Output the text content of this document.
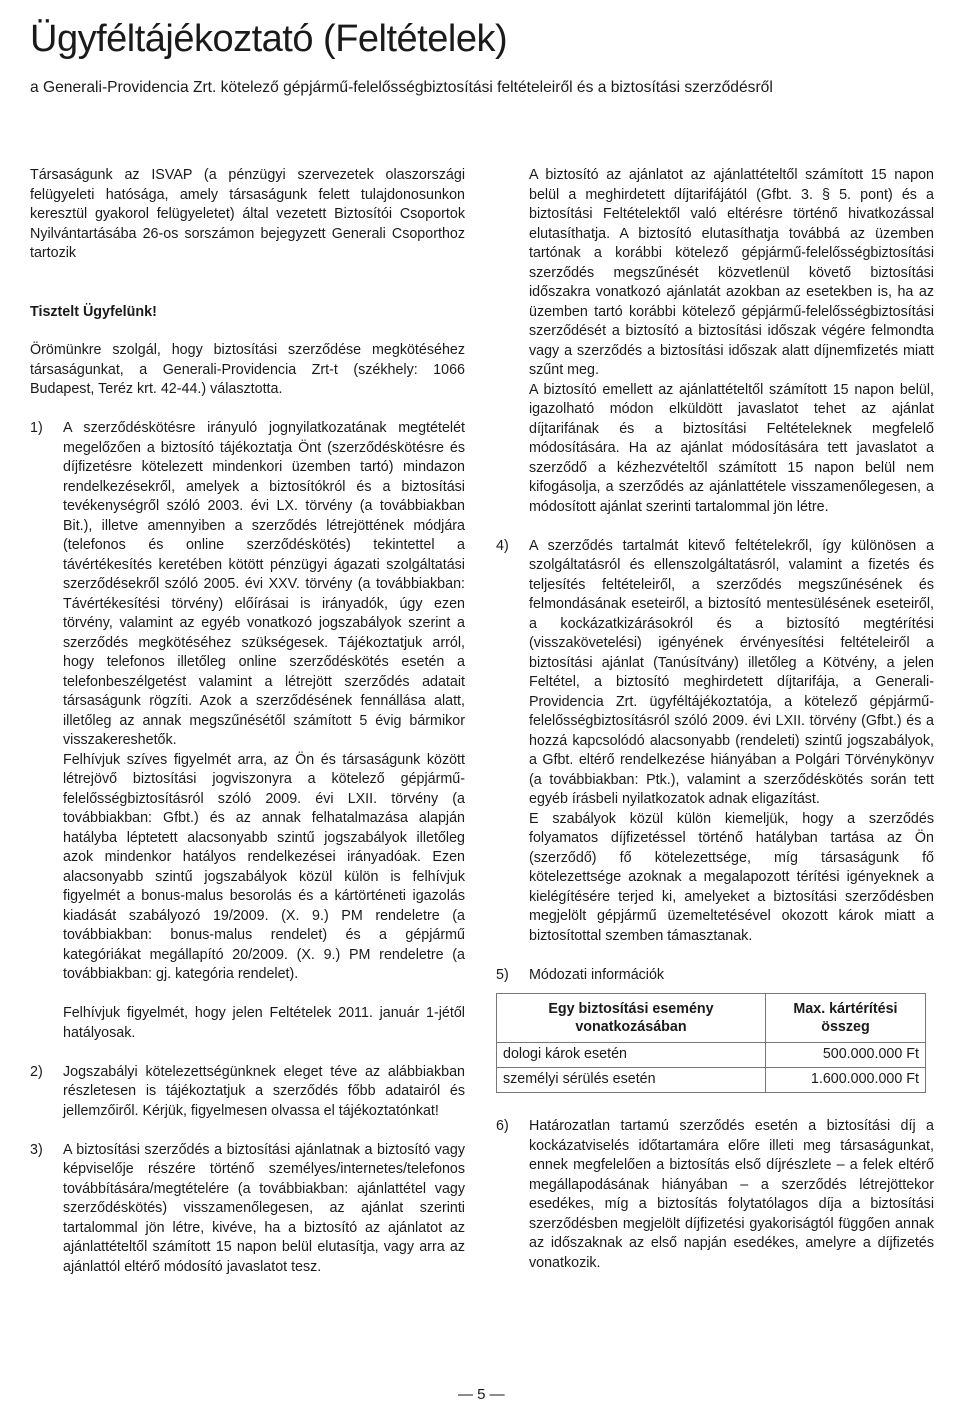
Ügyféltájékoztató (Feltételek)

a Generali-Providencia Zrt. kötelező gépjármű-felelősségbiztosítási feltételeiről és a biztosítási szerződésről

Társaságunk az ISVAP (a pénzügyi szervezetek olaszországi felügyeleti hatósága, amely társaságunk felett tulajdonosunkon keresztül gyakorol felügyeletet) által vezetett Biztosítói Csoportok Nyilvántartásába 26-os sorszámon bejegyzett Generali Csoporthoz tartozik

Tisztelt Ügyfelünk!

Örömünkre szolgál, hogy biztosítási szerződése megkötéséhez társaságunkat, a Generali-Providencia Zrt-t (székhely: 1066 Budapest, Teréz krt. 42-44.) választotta.

1)	A szerződéskötésre irányuló jognyilatkozatának megtételét megelőzően a biztosító tájékoztatja Önt (szerződéskötésre és díjfizetésre kötelezett mindenkori üzemben tartó) mindazon rendelkezésekről, amelyek a biztosítókról és a biztosítási tevékenységről szóló 2003. évi LX. törvény (a továbbiakban Bit.), illetve amennyiben a szerződés létrejöttének módjára (telefonos és online szerződéskötés) tekintettel a távértékesítés keretében kötött pénzügyi ágazati szolgáltatási szerződésekről szóló 2005. évi XXV. törvény (a továbbiakban: Távértékesítési törvény) előírásai is irányadók, úgy ezen törvény, valamint az egyéb vonatkozó jogszabályok szerint a szerződés megkötéséhez szükségesek. Tájékoztatjuk arról, hogy telefonos illetőleg online szerződéskötés esetén a telefonbeszélgetést valamint a létrejött szerződés adatait társaságunk rögzíti. Azok a szerződésének fennállása alatt, illetőleg az annak megszűnésétől számított 5 évig bármikor visszakereshetők.

Felhívjuk szíves figyelmét arra, az Ön és társaságunk között létrejövő biztosítási jogviszonyra a kötelező gépjármű-felelősségbiztosításról szóló 2009. évi LXII. törvény (a továbbiakban: Gfbt.) és az annak felhatalmazása alapján hatályba léptetett alacsonyabb szintű jogszabályok illetőleg azok mindenkor hatályos rendelkezései irányadóak. Ezen alacsonyabb szintű jogszabályok közül külön is felhívjuk figyelmét a bonus-malus besorolás és a kártörténeti igazolás kiadását szabályozó 19/2009. (X. 9.) PM rendeletre (a továbbiakban: bonus-malus rendelet) és a gépjármű kategóriákat megállapító 20/2009. (X. 9.) PM rendeletre (a továbbiakban: gj. kategória rendelet).

Felhívjuk figyelmét, hogy jelen Feltételek 2011. január 1-jétől hatályosak.

2)	Jogszabályi kötelezettségünknek eleget téve az alábbiakban részletesen is tájékoztatjuk a szerződés főbb adatairól és jellemzőiről. Kérjük, figyelmesen olvassa el tájékoztatónkat!

3)	A biztosítási szerződés a biztosítási ajánlatnak a biztosító vagy képviselője részére történő személyes/internetes/telefonos továbbítására/megtételére (a továbbiakban: ajánlattétel vagy szerződéskötés) visszamenőlegesen, az ajánlat szerinti tartalommal jön létre, kivéve, ha a biztosító az ajánlatot az ajánlattételtől számított 15 napon belül elutasítja, vagy arra az ajánlattól eltérő módosító javaslatot tesz.

A biztosító az ajánlatot az ajánlattételtől számított 15 napon belül a meghirdetett díjtarifájától (Gfbt. 3. § 5. pont) és a biztosítási Feltételektől való eltérésre történő hivatkozással elutasíthatja. A biztosító elutasíthatja továbbá az üzemben tartónak a korábbi kötelező gépjármű-felelősségbiztosítási szerződés megszűnését közvetlenül követő biztosítási időszakra vonatkozó ajánlatát azokban az esetekben is, ha az üzemben tartó korábbi kötelező gépjármű-felelősségbiztosítási szerződését a biztosító a biztosítási időszak végére felmondta vagy a szerződés a biztosítási időszak alatt díjnemfizetés miatt szűnt meg.

A biztosító emellett az ajánlattételtől számított 15 napon belül, igazolható módon elküldött javaslatot tehet az ajánlat díjtarifának és a biztosítási Feltételeknek megfelelő módosítására. Ha az ajánlat módosítására tett javaslatot a szerződő a kézhezvételtől számított 15 napon belül nem kifogásolja, a szerződés az ajánlattétele visszamenőlegesen, a módosított ajánlat szerinti tartalommal jön létre.

4)	A szerződés tartalmát kitevő feltételekről, így különösen a szolgáltatásról és ellenszolgáltatásról, valamint a fizetés és teljesítés feltételeiről, a szerződés megszűnésének és felmondásának eseteiről, a biztosító mentesülésének eseteiről, a kockázatkizárásokról és a biztosító megtérítési (visszakövetelési) igényének érvényesítési feltételeiről a biztosítási ajánlat (Tanúsítvány) illetőleg a Kötvény, a jelen Feltétel, a biztosító meghirdetett díjtarifája, a Generali-Providencia Zrt. ügyféltájékoztatója, a kötelező gépjármű-felelősségbiztosításról szóló 2009. évi LXII. törvény (Gfbt.) és a hozzá kapcsolódó alacsonyabb (rendeleti) szintű jogszabályok, a Gfbt. eltérő rendelkezése hiányában a Polgári Törvénykönyv (a továbbiakban: Ptk.), valamint a szerződéskötés során tett egyéb írásbeli nyilatkozatok adnak eligazítást.

E szabályok közül külön kiemeljük, hogy a szerződés folyamatos díjfizetéssel történő hatályban tartása az Ön (szerződő) fő kötelezettsége, míg társaságunk fő kötelezettsége azoknak a megalapozott térítési igényeknek a kielégítésére terjed ki, amelyeket a biztosítási szerződésben megjelölt gépjármű üzemeltetésével okozott károk miatt a biztosítottal szemben támasztanak.

5)	Módozati információk

Egy biztosítási esemény vonatkozásában	Max. kártérítési összeg
dologi károk esetén	500.000.000 Ft
személyi sérülés esetén	1.600.000.000 Ft
6)	Határozatlan tartamú szerződés esetén a biztosítási díj a kockázatviselés időtartamára előre illeti meg társaságunkat, ennek megfelelően a biztosítás első díjrészlete – a felek eltérő megállapodásának hiányában – a szerződés létrejöttekor esedékes, míg a biztosítás folytatólagos díja a biztosítási szerződésben megjelölt díjfizetési gyakoriságtól függően annak az időszaknak az első napján esedékes, amelyre a díjfizetés vonatkozik.

— 5 —
